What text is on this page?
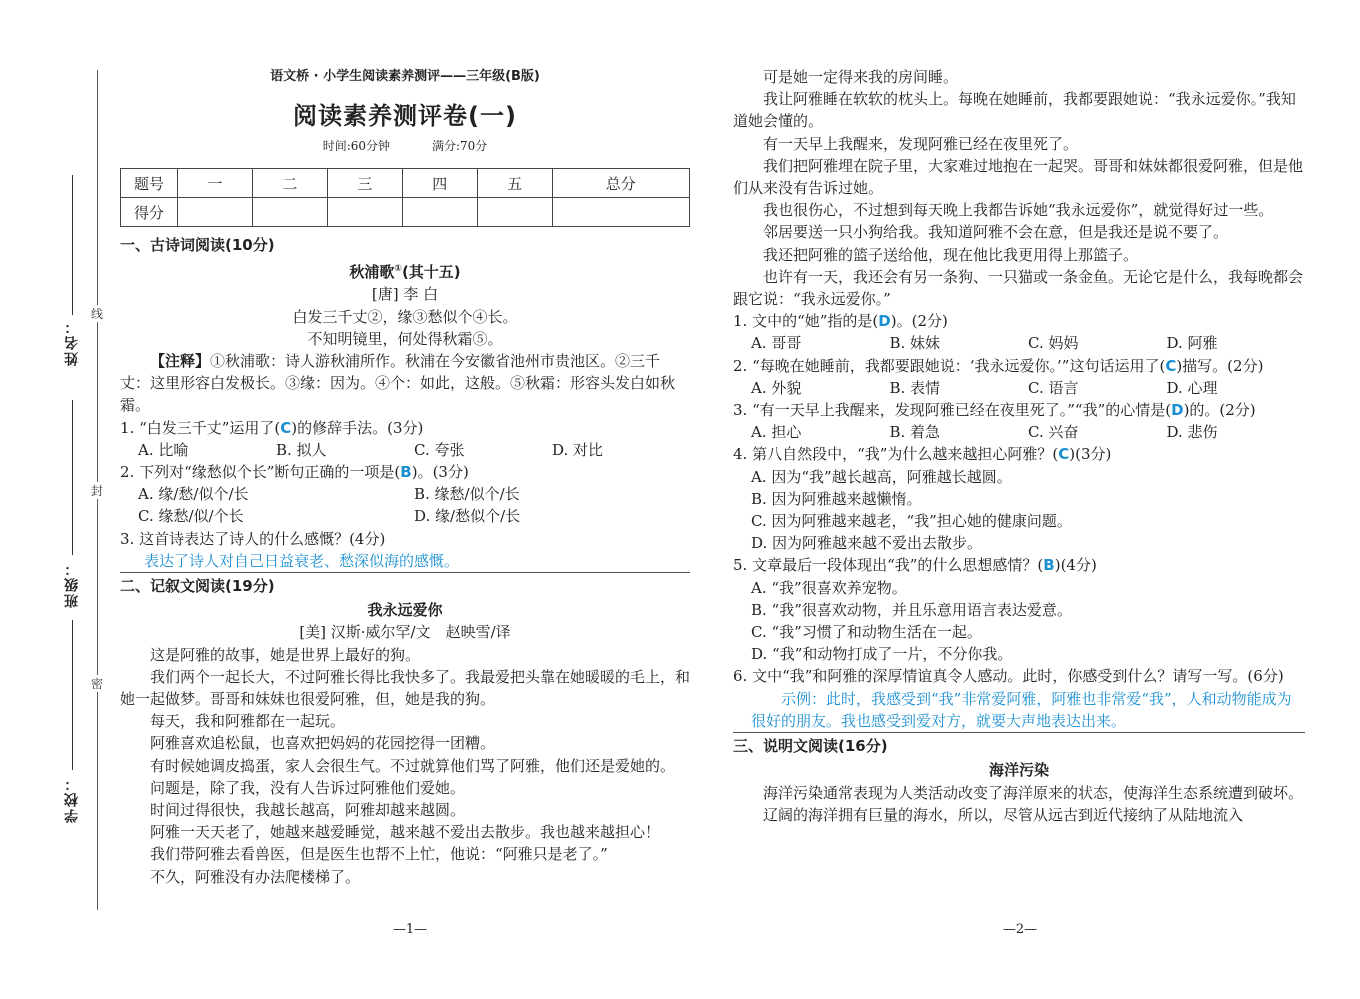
姓名：
班级：
学校：
线
封
密
语文桥 · 小学生阅读素养测评——三年级(B版)
阅读素养测评卷(一)
时间:60分钟	满分:70分
题号	一	二	三	四	五	总分
得分						

一、古诗词阅读(10分)

秋浦歌①(其十五)

[唐] 李 白

白发三千丈②，缘③愁似个④长。

不知明镜里，何处得秋霜⑤。

【注释】①秋浦歌：诗人游秋浦所作。秋浦在今安徽省池州市贵池区。②三千丈：这里形容白发极长。③缘：因为。④个：如此，这般。⑤秋霜：形容头发白如秋霜。

1. “白发三千丈”运用了(C)的修辞手法。(3分)

A. 比喻	B. 拟人	C. 夸张	D. 对比

2. 下列对“缘愁似个长”断句正确的一项是(B)。(3分)

A. 缘/愁/似个/长	B. 缘愁/似个/长
C. 缘愁/似/个长	D. 缘/愁似个/长

3. 这首诗表达了诗人的什么感慨？(4分)

表达了诗人对自己日益衰老、愁深似海的感慨。

二、记叙文阅读(19分)

我永远爱你

[美] 汉斯·威尔罕/文　赵映雪/译

这是阿雅的故事，她是世界上最好的狗。

我们两个一起长大，不过阿雅长得比我快多了。我最爱把头靠在她暖暖的毛上，和她一起做梦。哥哥和妹妹也很爱阿雅，但，她是我的狗。

每天，我和阿雅都在一起玩。

阿雅喜欢追松鼠，也喜欢把妈妈的花园挖得一团糟。

有时候她调皮捣蛋，家人会很生气。不过就算他们骂了阿雅，他们还是爱她的。

问题是，除了我，没有人告诉过阿雅他们爱她。

时间过得很快，我越长越高，阿雅却越来越圆。

阿雅一天天老了，她越来越爱睡觉，越来越不爱出去散步。我也越来越担心！

我们带阿雅去看兽医，但是医生也帮不上忙，他说：“阿雅只是老了。”

不久，阿雅没有办法爬楼梯了。

可是她一定得来我的房间睡。

我让阿雅睡在软软的枕头上。每晚在她睡前，我都要跟她说：“我永远爱你。”我知道她会懂的。

有一天早上我醒来，发现阿雅已经在夜里死了。

我们把阿雅埋在院子里，大家难过地抱在一起哭。哥哥和妹妹都很爱阿雅，但是他们从来没有告诉过她。

我也很伤心，不过想到每天晚上我都告诉她“我永远爱你”，就觉得好过一些。

邻居要送一只小狗给我。我知道阿雅不会在意，但是我还是说不要了。

我还把阿雅的篮子送给他，现在他比我更用得上那篮子。

也许有一天，我还会有另一条狗、一只猫或一条金鱼。无论它是什么，我每晚都会跟它说：“我永远爱你。”

1. 文中的“她”指的是(D)。(2分)

A. 哥哥	B. 妹妹	C. 妈妈	D. 阿雅

2. “每晚在她睡前，我都要跟她说：‘我永远爱你。’”这句话运用了(C)描写。(2分)

A. 外貌	B. 表情	C. 语言	D. 心理

3. “有一天早上我醒来，发现阿雅已经在夜里死了。”“我”的心情是(D)的。(2分)

A. 担心	B. 着急	C. 兴奋	D. 悲伤

4. 第八自然段中，“我”为什么越来越担心阿雅？(C)(3分)

A. 因为“我”越长越高，阿雅越长越圆。

B. 因为阿雅越来越懒惰。

C. 因为阿雅越来越老，“我”担心她的健康问题。

D. 因为阿雅越来越不爱出去散步。

5. 文章最后一段体现出“我”的什么思想感情？(B)(4分)

A. “我”很喜欢养宠物。

B. “我”很喜欢动物，并且乐意用语言表达爱意。

C. “我”习惯了和动物生活在一起。

D. “我”和动物打成了一片，不分你我。

6. 文中“我”和阿雅的深厚情谊真令人感动。此时，你感受到什么？请写一写。(6分)

示例：此时，我感受到“我”非常爱阿雅，阿雅也非常爱“我”，人和动物能成为很好的朋友。我也感受到爱对方，就要大声地表达出来。

三、说明文阅读(16分)

海洋污染

海洋污染通常表现为人类活动改变了海洋原来的状态，使海洋生态系统遭到破坏。

辽阔的海洋拥有巨量的海水，所以，尽管从远古到近代接纳了从陆地流入

—1—	—2—
